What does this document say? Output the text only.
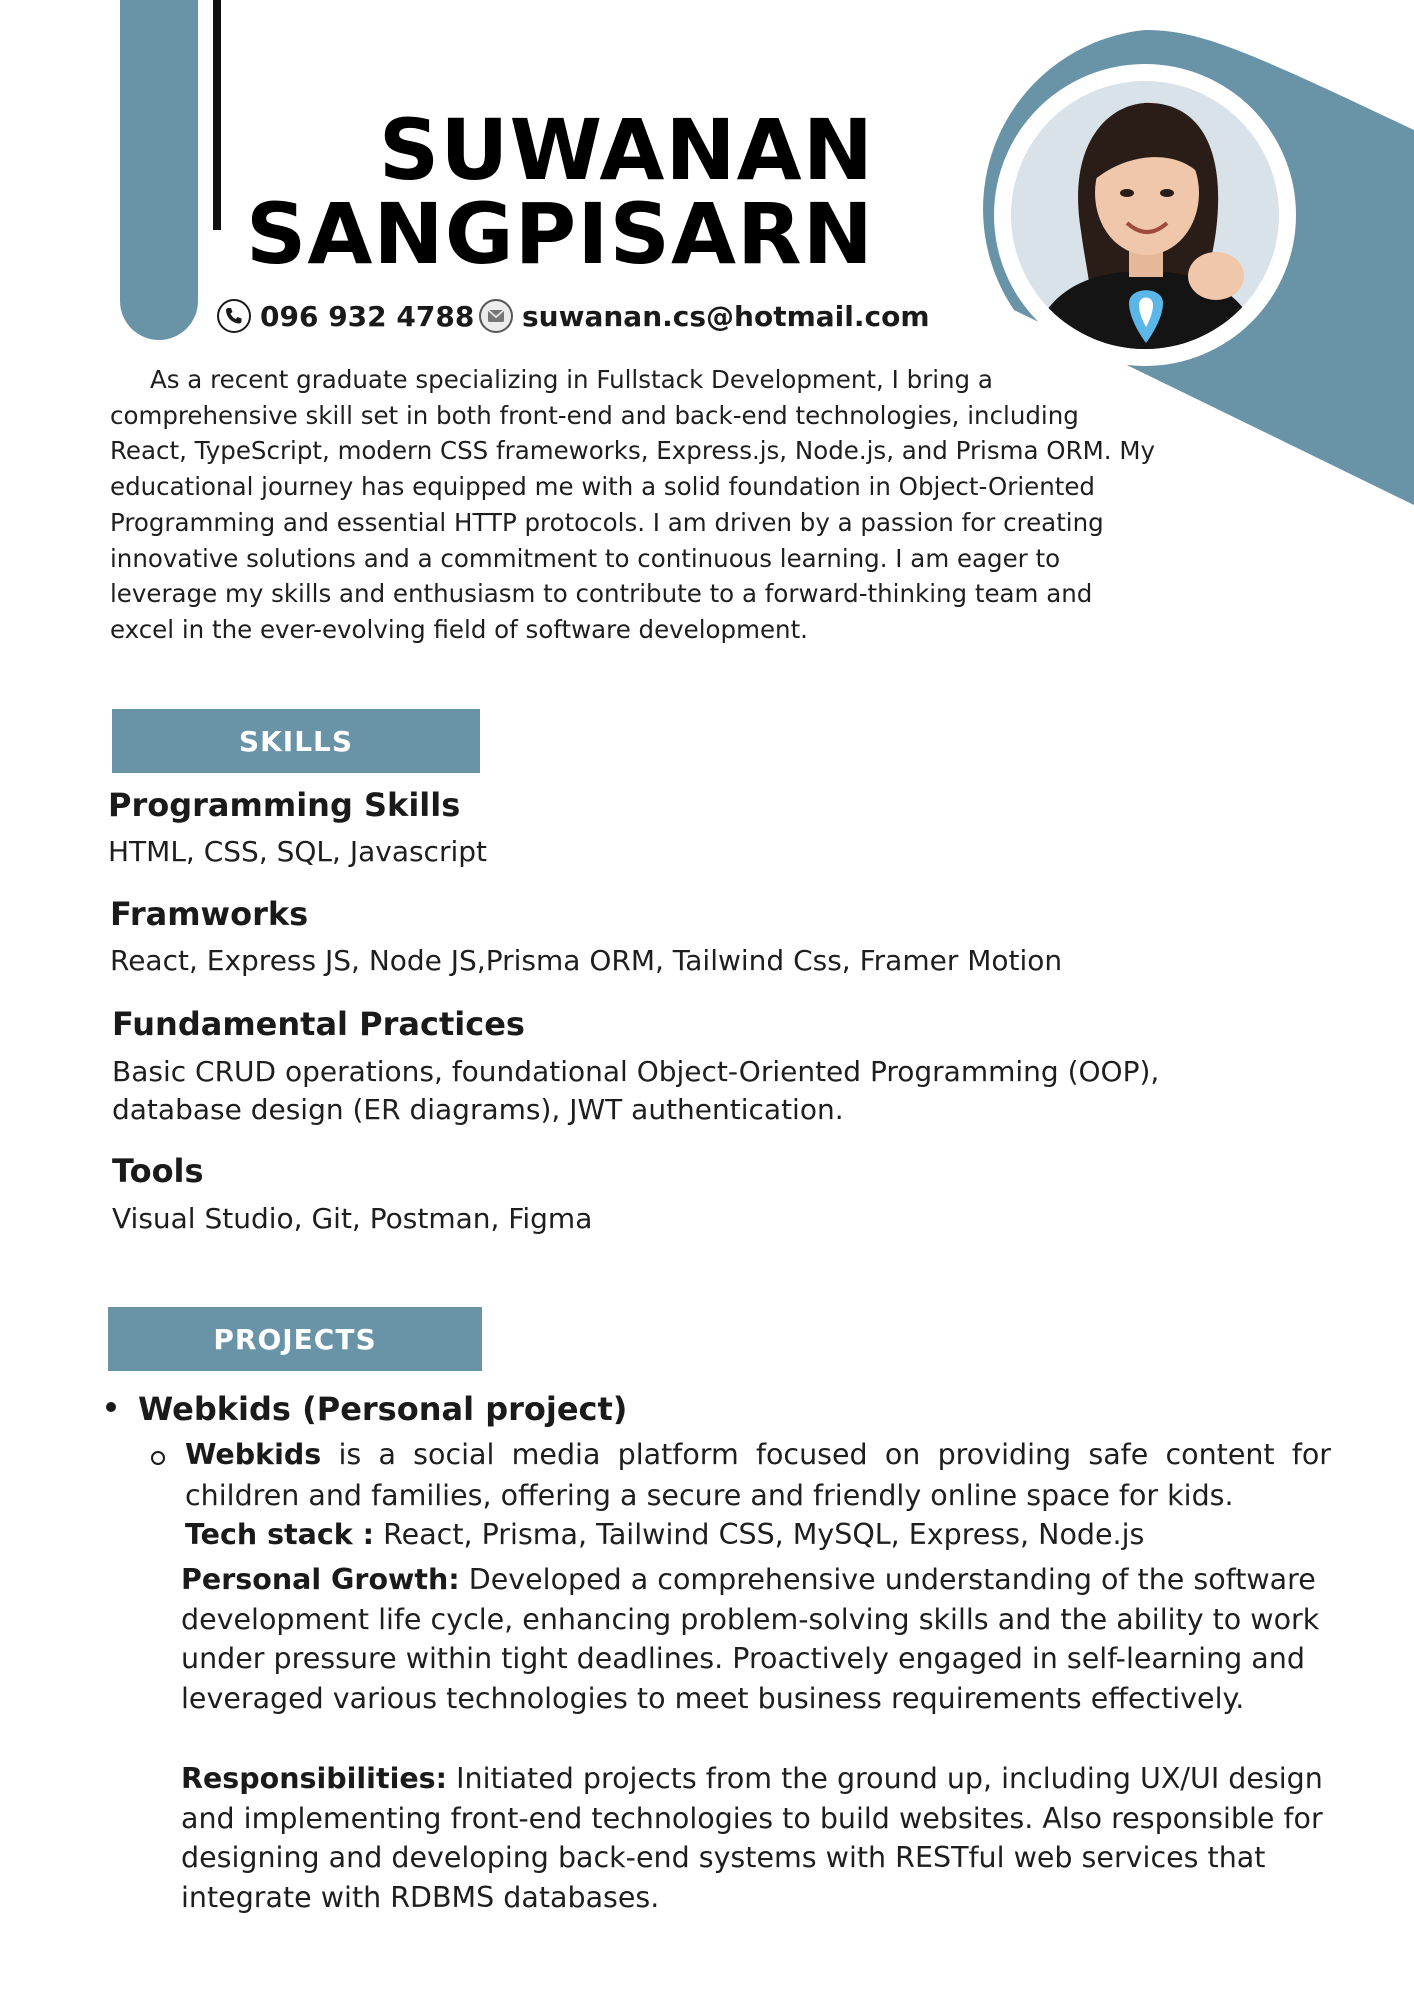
SUWANAN
SANGPISARN
096 932 4788 suwanan.cs@hotmail.com
As a recent graduate specializing in Fullstack Development, I bring a comprehensive skill set in both front-end and back-end technologies, including React, TypeScript, modern CSS frameworks, Express.js, Node.js, and Prisma ORM. My educational journey has equipped me with a solid foundation in Object-Oriented Programming and essential HTTP protocols. I am driven by a passion for creating innovative solutions and a commitment to continuous learning. I am eager to leverage my skills and enthusiasm to contribute to a forward-thinking team and excel in the ever-evolving field of software development.
SKILLS
Programming Skills
HTML, CSS, SQL, Javascript
Framworks
React, Express JS, Node JS,Prisma ORM, Tailwind Css, Framer Motion
Fundamental Practices
Basic CRUD operations, foundational Object-Oriented Programming (OOP), database design (ER diagrams), JWT authentication.
Tools
Visual Studio, Git, Postman, Figma
PROJECTS
Webkids (Personal project)
Webkids is a social media platform focused on providing safe content for children and families, offering a secure and friendly online space for kids.
Tech stack : React, Prisma, Tailwind CSS, MySQL, Express, Node.js
Personal Growth: Developed a comprehensive understanding of the software development life cycle, enhancing problem-solving skills and the ability to work under pressure within tight deadlines. Proactively engaged in self-learning and leveraged various technologies to meet business requirements effectively.
Responsibilities: Initiated projects from the ground up, including UX/UI design and implementing front-end technologies to build websites. Also responsible for designing and developing back-end systems with RESTful web services that integrate with RDBMS databases.
